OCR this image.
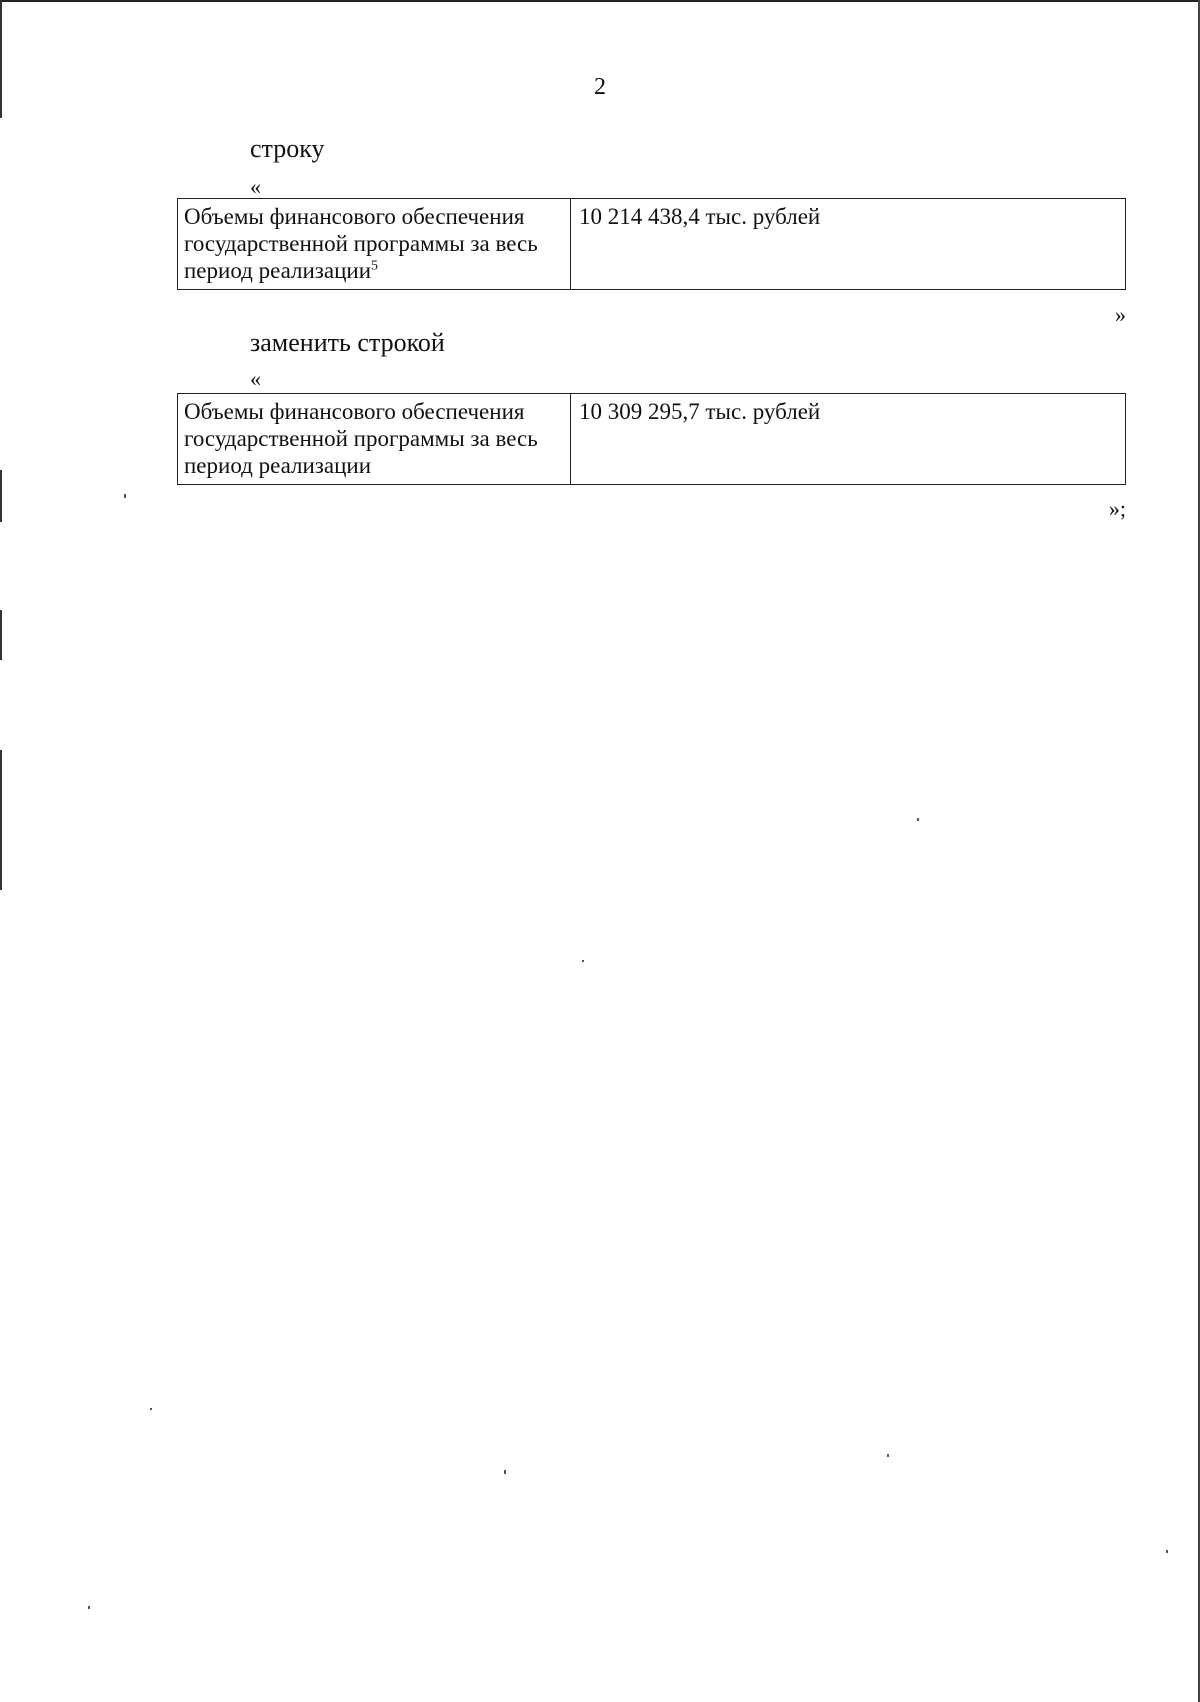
2
строку
«
Объемы финансового обеспечения государственной программы за весь период реализации$^5$	10 214 438,4 тыс. рублей
»
заменить строкой
«
Объемы финансового обеспечения государственной программы за весь период реализации	10 309 295,7 тыс. рублей
»;
